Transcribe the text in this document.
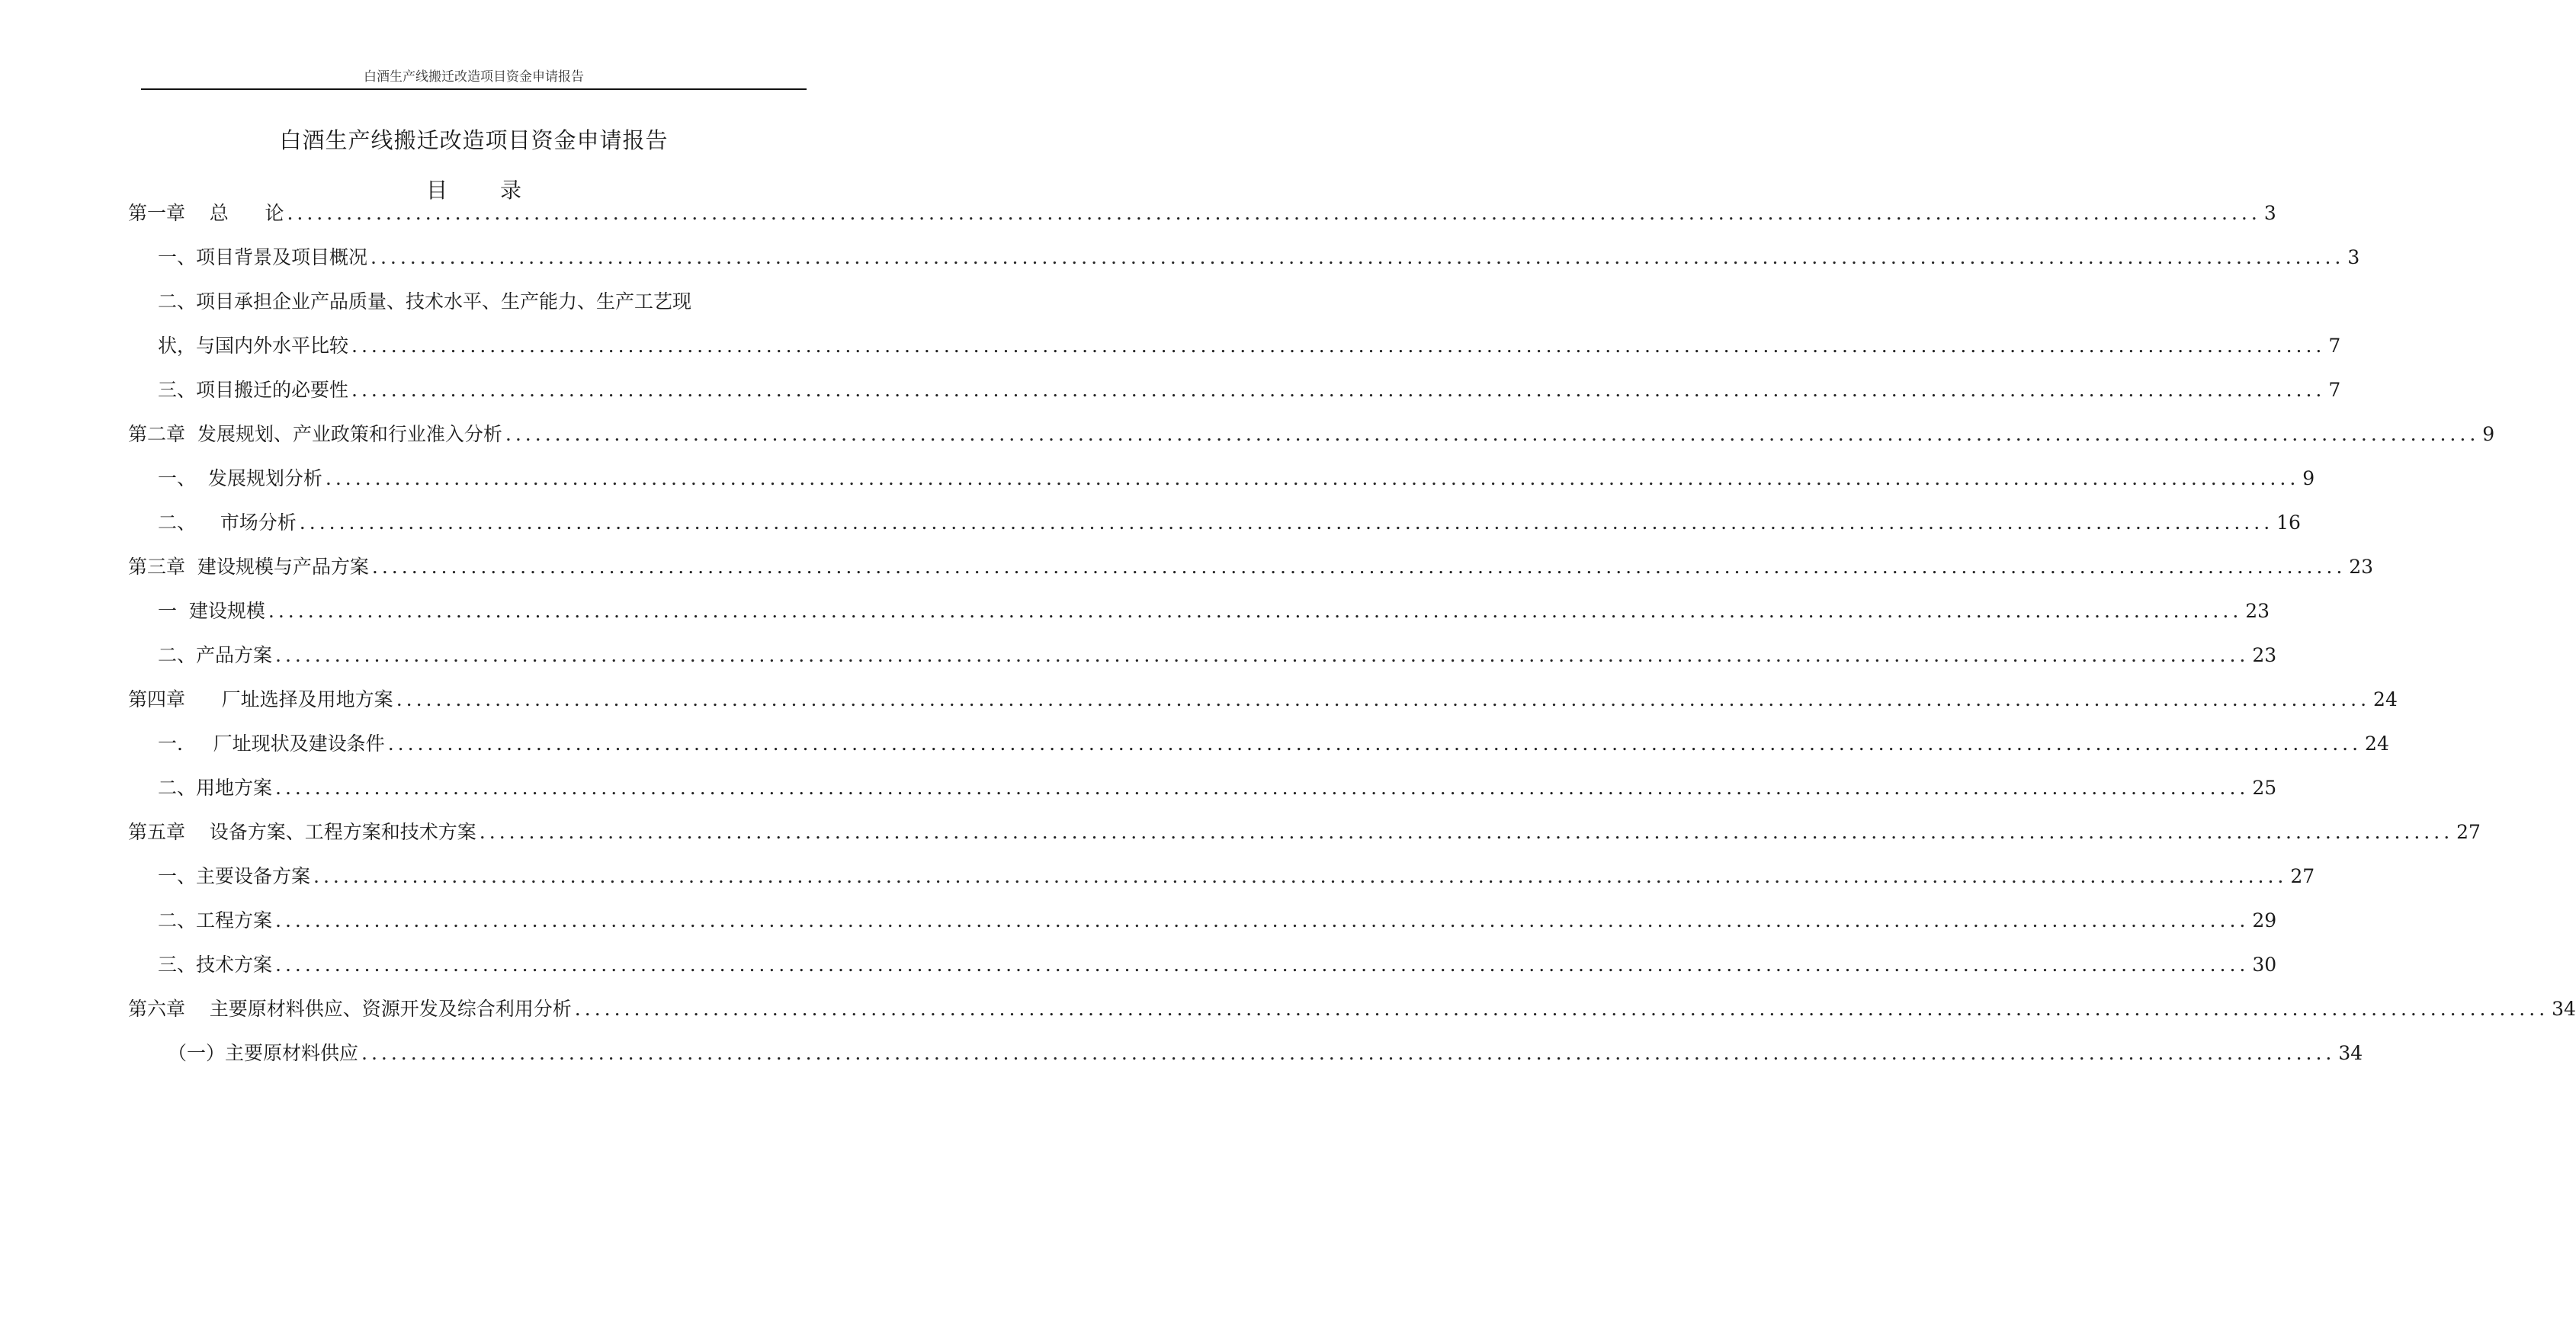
白酒生产线搬迁改造项目资金申请报告
白酒生产线搬迁改造项目资金申请报告
目 录
第一章    总      论 ........................................................................................................................................................................................................ 3
一、项目背景及项目概况 ........................................................................................................................................................................................................ 3
二、项目承担企业产品质量、技术水平、生产能力、生产工艺现
状，与国内外水平比较 ........................................................................................................................................................................................................ 7
三、项目搬迁的必要性 ........................................................................................................................................................................................................ 7
第二章  发展规划、产业政策和行业准入分析 ........................................................................................................................................................................................................ 9
一、  发展规划分析 ........................................................................................................................................................................................................ 9
二、    市场分析 ........................................................................................................................................................................................................ 16
第三章  建设规模与产品方案 ........................................................................................................................................................................................................ 23
一  建设规模 ........................................................................................................................................................................................................ 23
二、产品方案 ........................................................................................................................................................................................................ 23
第四章      厂址选择及用地方案 ........................................................................................................................................................................................................ 24
一.     厂址现状及建设条件 ........................................................................................................................................................................................................ 24
二、用地方案 ........................................................................................................................................................................................................ 25
第五章    设备方案、工程方案和技术方案 ........................................................................................................................................................................................................ 27
一、主要设备方案 ........................................................................................................................................................................................................ 27
二、工程方案 ........................................................................................................................................................................................................ 29
三、技术方案 ........................................................................................................................................................................................................ 30
第六章    主要原材料供应、资源开发及综合利用分析 ........................................................................................................................................................................................................ 34
（一）主要原材料供应 ........................................................................................................................................................................................................ 34
